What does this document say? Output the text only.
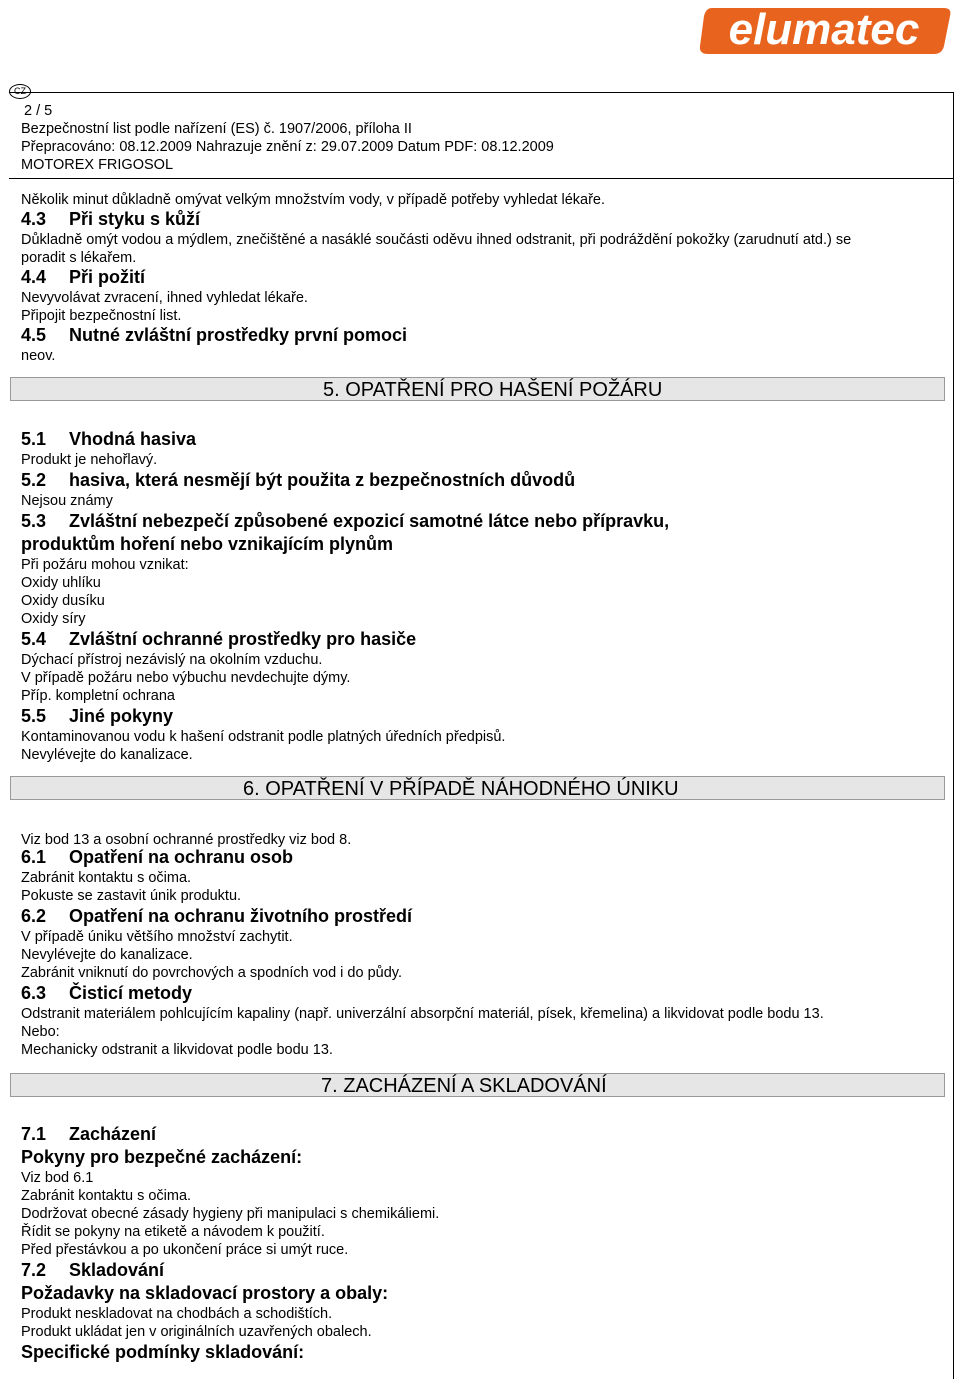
elumatec
CZ
2 / 5
Bezpečnostní list podle nařízení (ES) č. 1907/2006, příloha II
Přepracováno: 08.12.2009 Nahrazuje znění z: 29.07.2009 Datum PDF: 08.12.2009
MOTOREX FRIGOSOL
Několik minut důkladně omývat velkým množstvím vody, v případě potřeby vyhledat lékaře.
4.3 Při styku s kůží
Důkladně omýt vodou a mýdlem, znečištěné a nasáklé součásti oděvu ihned odstranit, při podráždění pokožky (zarudnutí atd.) se
poradit s lékařem.
4.4 Při požití
Nevyvolávat zvracení, ihned vyhledat lékaře.
Připojit bezpečnostní list.
4.5 Nutné zvláštní prostředky první pomoci
neov.
5. OPATŘENÍ PRO HAŠENÍ POŽÁRU
5.1 Vhodná hasiva
Produkt je nehořlavý.
5.2 hasiva, která nesmějí být použita z bezpečnostních důvodů
Nejsou známy
5.3 Zvláštní nebezpečí způsobené expozicí samotné látce nebo přípravku,
produktům hoření nebo vznikajícím plynům
Při požáru mohou vznikat:
Oxidy uhlíku
Oxidy dusíku
Oxidy síry
5.4 Zvláštní ochranné prostředky pro hasiče
Dýchací přístroj nezávislý na okolním vzduchu.
V případě požáru nebo výbuchu nevdechujte dýmy.
Příp. kompletní ochrana
5.5 Jiné pokyny
Kontaminovanou vodu k hašení odstranit podle platných úředních předpisů.
Nevylévejte do kanalizace.
6. OPATŘENÍ V PŘÍPADĚ NÁHODNÉHO ÚNIKU
Viz bod 13 a osobní ochranné prostředky viz bod 8.
6.1 Opatření na ochranu osob
Zabránit kontaktu s očima.
Pokuste se zastavit únik produktu.
6.2 Opatření na ochranu životního prostředí
V případě úniku většího množství zachytit.
Nevylévejte do kanalizace.
Zabránit vniknutí do povrchových a spodních vod i do půdy.
6.3 Čisticí metody
Odstranit materiálem pohlcujícím kapaliny (např. univerzální absorpční materiál, písek, křemelina) a likvidovat podle bodu 13.
Nebo:
Mechanicky odstranit a likvidovat podle bodu 13.
7. ZACHÁZENÍ A SKLADOVÁNÍ
7.1 Zacházení
Pokyny pro bezpečné zacházení:
Viz bod 6.1
Zabránit kontaktu s očima.
Dodržovat obecné zásady hygieny při manipulaci s chemikáliemi.
Řídit se pokyny na etiketě a návodem k použití.
Před přestávkou a po ukončení práce si umýt ruce.
7.2 Skladování
Požadavky na skladovací prostory a obaly:
Produkt neskladovat na chodbách a schodištích.
Produkt ukládat jen v originálních uzavřených obalech.
Specifické podmínky skladování:
